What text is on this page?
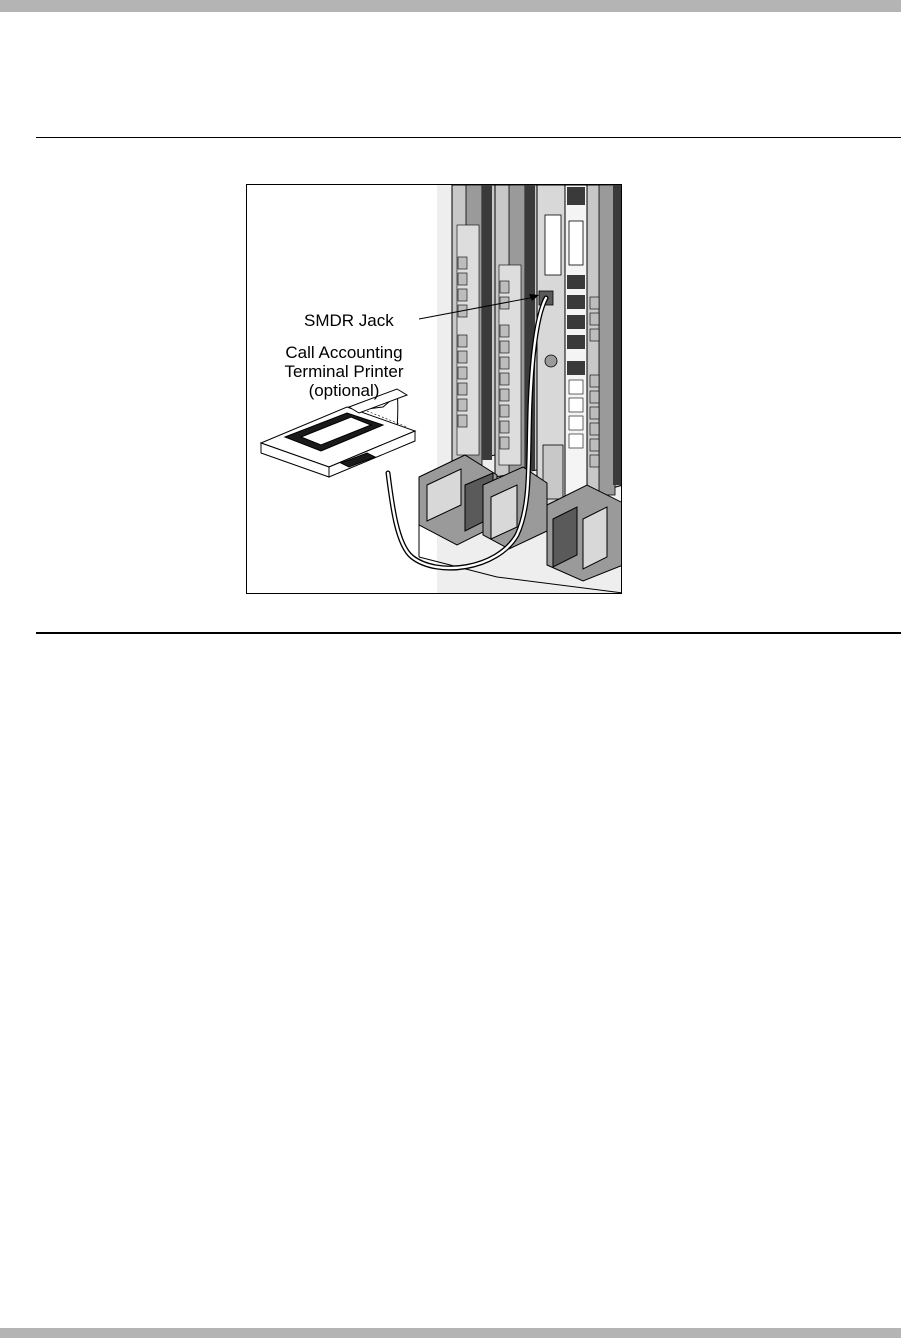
SMDR Jack
Call Accounting
Terminal Printer
(optional)
